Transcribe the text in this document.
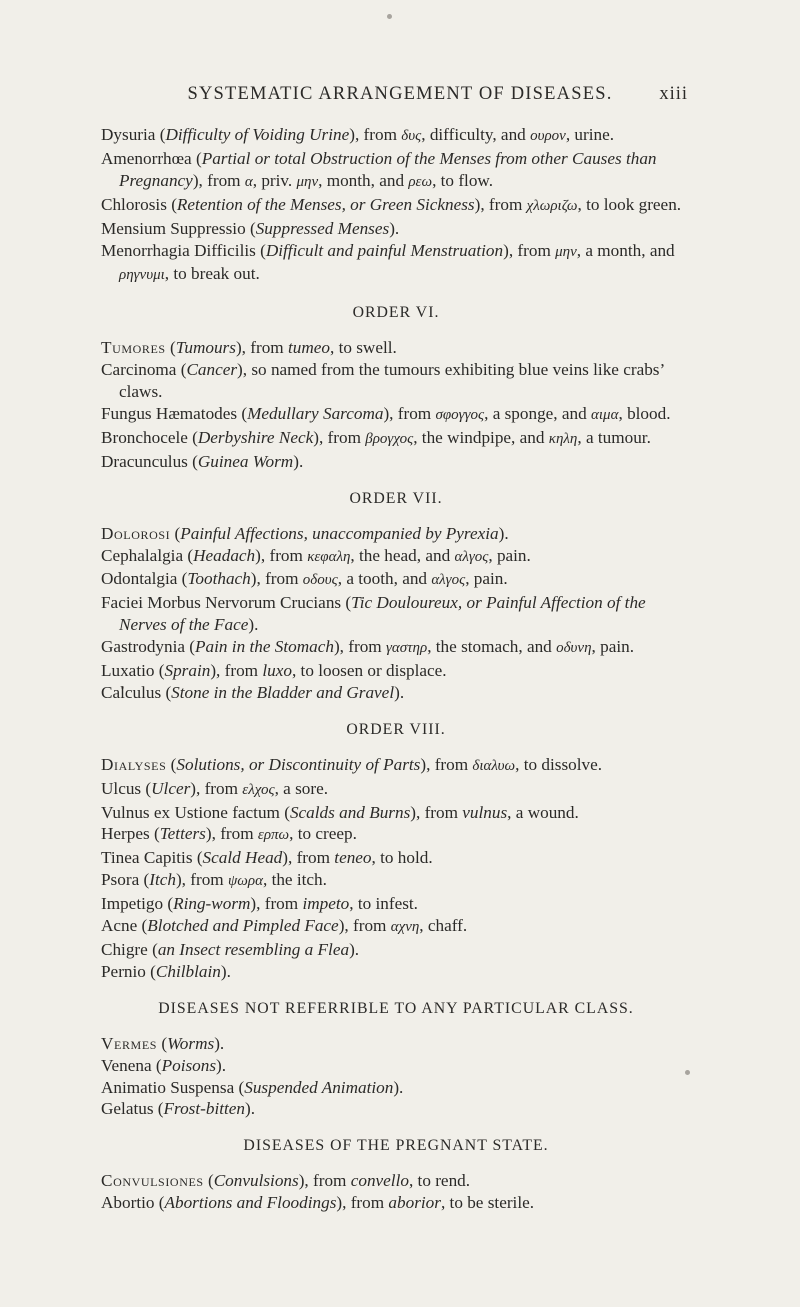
SYSTEMATIC ARRANGEMENT OF DISEASES.	xiii

Dysuria (Difficulty of Voiding Urine), from δυς, difficulty, and ουρον, urine.

Amenorrhœa (Partial or total Obstruction of the Menses from other Causes than Pregnancy), from α, priv. μην, month, and ρεω, to flow.

Chlorosis (Retention of the Menses, or Green Sickness), from χλωριζω, to look green.

Mensium Suppressio (Suppressed Menses).

Menorrhagia Difficilis (Difficult and painful Menstruation), from μην, a month, and ρηγνυμι, to break out.

ORDER VI.

Tumores (Tumours), from tumeo, to swell.

Carcinoma (Cancer), so named from the tumours exhibiting blue veins like crabs’ claws.

Fungus Hæmatodes (Medullary Sarcoma), from σφογγος, a sponge, and αιμα, blood.

Bronchocele (Derbyshire Neck), from βρογχος, the windpipe, and κηλη, a tumour.

Dracunculus (Guinea Worm).

ORDER VII.

Dolorosi (Painful Affections, unaccompanied by Pyrexia).

Cephalalgia (Headach), from κεφαλη, the head, and αλγος, pain.

Odontalgia (Toothach), from οδους, a tooth, and αλγος, pain.

Faciei Morbus Nervorum Crucians (Tic Douloureux, or Painful Affection of the Nerves of the Face).

Gastrodynia (Pain in the Stomach), from γαστηρ, the stomach, and οδυνη, pain.

Luxatio (Sprain), from luxo, to loosen or displace.

Calculus (Stone in the Bladder and Gravel).

ORDER VIII.

Dialyses (Solutions, or Discontinuity of Parts), from διαλυω, to dissolve.

Ulcus (Ulcer), from ελχος, a sore.

Vulnus ex Ustione factum (Scalds and Burns), from vulnus, a wound.

Herpes (Tetters), from ερπω, to creep.

Tinea Capitis (Scald Head), from teneo, to hold.

Psora (Itch), from ψωρα, the itch.

Impetigo (Ring-worm), from impeto, to infest.

Acne (Blotched and Pimpled Face), from αχνη, chaff.

Chigre (an Insect resembling a Flea).

Pernio (Chilblain).

DISEASES NOT REFERRIBLE TO ANY PARTICULAR CLASS.

Vermes (Worms).

Venena (Poisons).

Animatio Suspensa (Suspended Animation).

Gelatus (Frost-bitten).

DISEASES OF THE PREGNANT STATE.

Convulsiones (Convulsions), from convello, to rend.

Abortio (Abortions and Floodings), from aborior, to be sterile.
